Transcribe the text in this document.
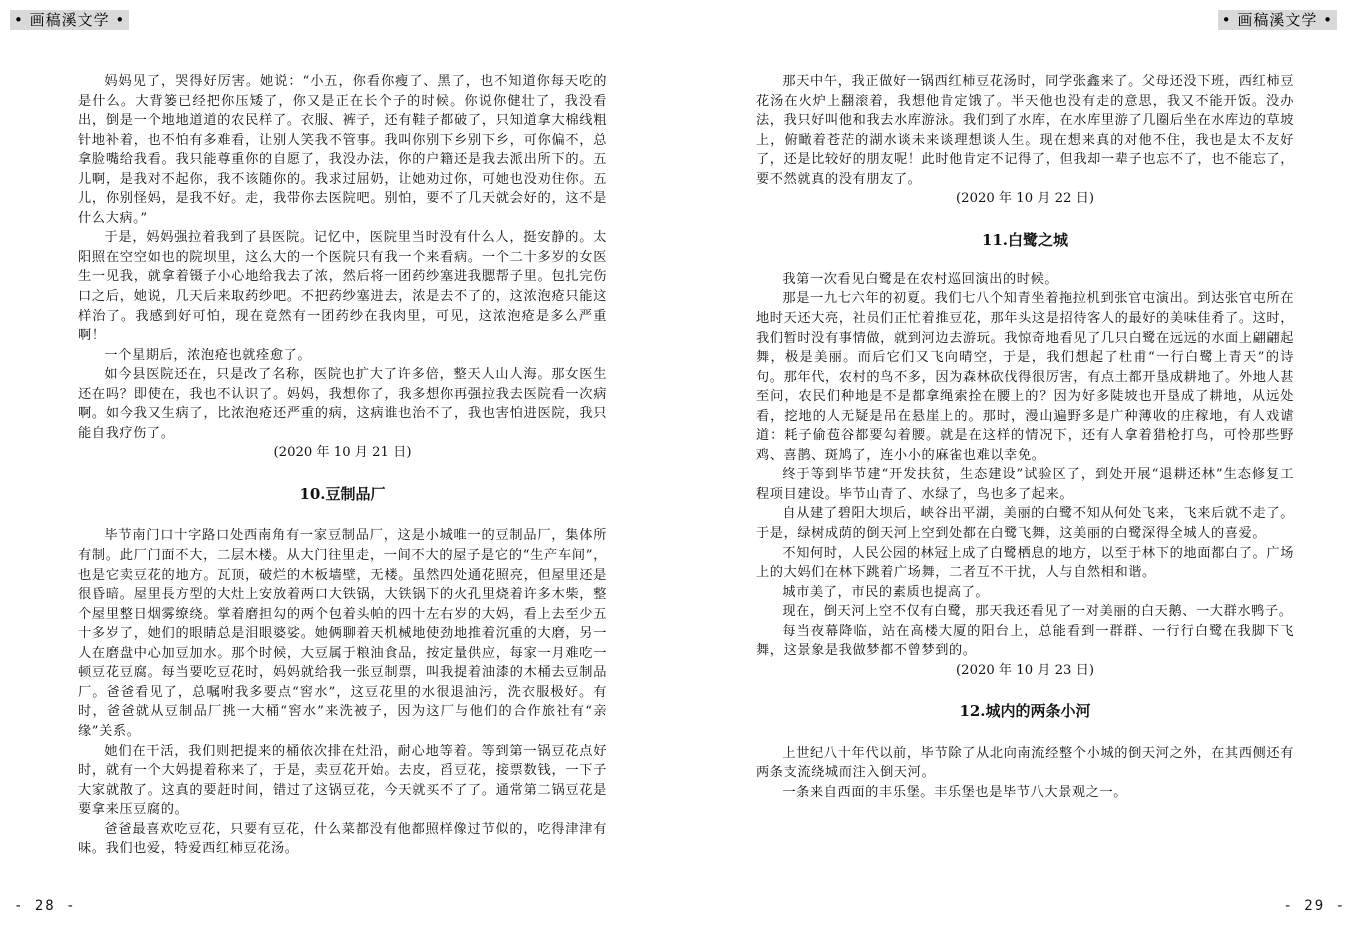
• 画稿溪文学 •

妈妈见了，哭得好厉害。她说：“小五，你看你瘦了、黑了，也不知道你每天吃的是什么。大背篓已经把你压矮了，你又是正在长个子的时候。你说你健壮了，我没看出，倒是一个地地道道的农民样了。衣服、裤子，还有鞋子都破了，只知道拿大棉线粗针地补着，也不怕有多难看，让别人笑我不管事。我叫你别下乡别下乡，可你偏不，总拿脸嘴给我看。我只能尊重你的自愿了，我没办法，你的户籍还是我去派出所下的。五儿啊，是我对不起你，我不该随你的。我求过屈奶，让她劝过你，可她也没劝住你。五儿，你别怪妈，是我不好。走，我带你去医院吧。别怕，要不了几天就会好的，这不是什么大病。”

于是，妈妈强拉着我到了县医院。记忆中，医院里当时没有什么人，挺安静的。太阳照在空空如也的院坝里，这么大的一个医院只有我一个来看病。一个二十多岁的女医生一见我，就拿着镊子小心地给我去了浓，然后将一团药纱塞进我腮帮子里。包扎完伤口之后，她说，几天后来取药纱吧。不把药纱塞进去，浓是去不了的，这浓泡疮只能这样治了。我感到好可怕，现在竟然有一团药纱在我肉里，可见，这浓泡疮是多么严重啊！

一个星期后，浓泡疮也就痊愈了。

如今县医院还在，只是改了名称，医院也扩大了许多倍，整天人山人海。那女医生还在吗？即使在，我也不认识了。妈妈，我想你了，我多想你再强拉我去医院看一次病啊。如今我又生病了，比浓泡疮还严重的病，这病谁也治不了，我也害怕进医院，我只能自我疗伤了。

(2020 年 10 月 21 日)

10.豆制品厂

毕节南门口十字路口处西南角有一家豆制品厂，这是小城唯一的豆制品厂，集体所有制。此厂门面不大，二层木楼。从大门往里走，一间不大的屋子是它的“生产车间”，也是它卖豆花的地方。瓦顶，破烂的木板墙壁，无楼。虽然四处通花照亮，但屋里还是很昏暗。屋里長方型的大灶上安放着两口大铁锅，大铁锅下的火孔里烧着许多木柴，整个屋里整日烟雾缭绕。掌着磨担勾的两个包着头帕的四十左右岁的大妈，看上去至少五十多岁了，她们的眼睛总是泪眼婆娑。她俩聊着天机械地使劲地推着沉重的大磨，另一人在磨盘中心加豆加水。那个时候，大豆属于粮油食品，按定量供应，每家一月难吃一顿豆花豆腐。每当要吃豆花时，妈妈就给我一张豆制票，叫我提着油漆的木桶去豆制品厂。爸爸看见了，总嘱咐我多要点“窖水”，这豆花里的水很退油污，洗衣服极好。有时，爸爸就从豆制品厂挑一大桶“窖水”来洗被子，因为这厂与他们的合作旅社有“亲缘”关系。

她们在干活，我们则把提来的桶依次排在灶沿，耐心地等着。等到第一锅豆花点好时，就有一个大妈提着称来了，于是，卖豆花开始。去皮，舀豆花，接票数钱，一下子大家就散了。这真的要赶时间，错过了这锅豆花，今天就买不了了。通常第二锅豆花是要拿来压豆腐的。

爸爸最喜欢吃豆花，只要有豆花，什么菜都没有他都照样像过节似的，吃得津津有味。我们也爱，特爱西红柿豆花汤。

- 28 -
• 画稿溪文学 •

那天中午，我正做好一锅西红柿豆花汤时，同学张鑫来了。父母还没下班，西红柿豆花汤在火炉上翻滚着，我想他肯定饿了。半天他也没有走的意思，我又不能开饭。没办法，我只好叫他和我去水库游泳。我们到了水库，在水库里游了几圈后坐在水库边的草坡上，俯瞰着苍茫的湖水谈未来谈理想谈人生。现在想来真的对他不住，我也是太不友好了，还是比较好的朋友呢！此时他肯定不记得了，但我却一辈子也忘不了，也不能忘了，要不然就真的没有朋友了。

(2020 年 10 月 22 日)

11.白鹭之城

我第一次看见白鹭是在农村巡回演出的时候。

那是一九七六年的初夏。我们七八个知青坐着拖拉机到张官屯演出。到达张官屯所在地时天还大亮，社员们正忙着推豆花，那年头这是招待客人的最好的美味佳肴了。这时，我们暂时没有事情做，就到河边去游玩。我惊奇地看见了几只白鹭在远远的水面上翩翩起舞，极是美丽。而后它们又飞向晴空，于是，我们想起了杜甫“一行白鹭上青天”的诗句。那年代，农村的鸟不多，因为森林砍伐得很厉害，有点土都开垦成耕地了。外地人甚至问，农民们种地是不是都拿绳索拴在腰上的？因为好多陡坡也开垦成了耕地，从远处看，挖地的人无疑是吊在悬崖上的。那时，漫山遍野多是广种薄收的庄稼地，有人戏谑道：耗子偷苞谷都要勾着腰。就是在这样的情况下，还有人拿着猎枪打鸟，可怜那些野鸡、喜鹊、斑鸠了，连小小的麻雀也难以幸免。

终于等到毕节建“开发扶贫，生态建设”试验区了，到处开展“退耕还林”生态修复工程项目建设。毕节山青了、水绿了，鸟也多了起来。

自从建了碧阳大坝后，峡谷出平湖，美丽的白鹭不知从何处飞来，飞来后就不走了。于是，绿树成荫的倒天河上空到处都在白鹭飞舞，这美丽的白鹭深得全城人的喜爱。

不知何时，人民公园的林冠上成了白鹭栖息的地方，以至于林下的地面都白了。广场上的大妈们在林下跳着广场舞，二者互不干扰，人与自然相和谐。

城市美了，市民的素质也提高了。

现在，倒天河上空不仅有白鹭，那天我还看见了一对美丽的白天鹅、一大群水鸭子。

每当夜幕降临，站在高楼大厦的阳台上，总能看到一群群、一行行白鹭在我脚下飞舞，这景象是我做梦都不曾梦到的。

(2020 年 10 月 23 日)

12.城内的两条小河

上世纪八十年代以前，毕节除了从北向南流经整个小城的倒天河之外，在其西侧还有两条支流绕城而注入倒天河。

一条来自西面的丰乐堡。丰乐堡也是毕节八大景观之一。

- 29 -
